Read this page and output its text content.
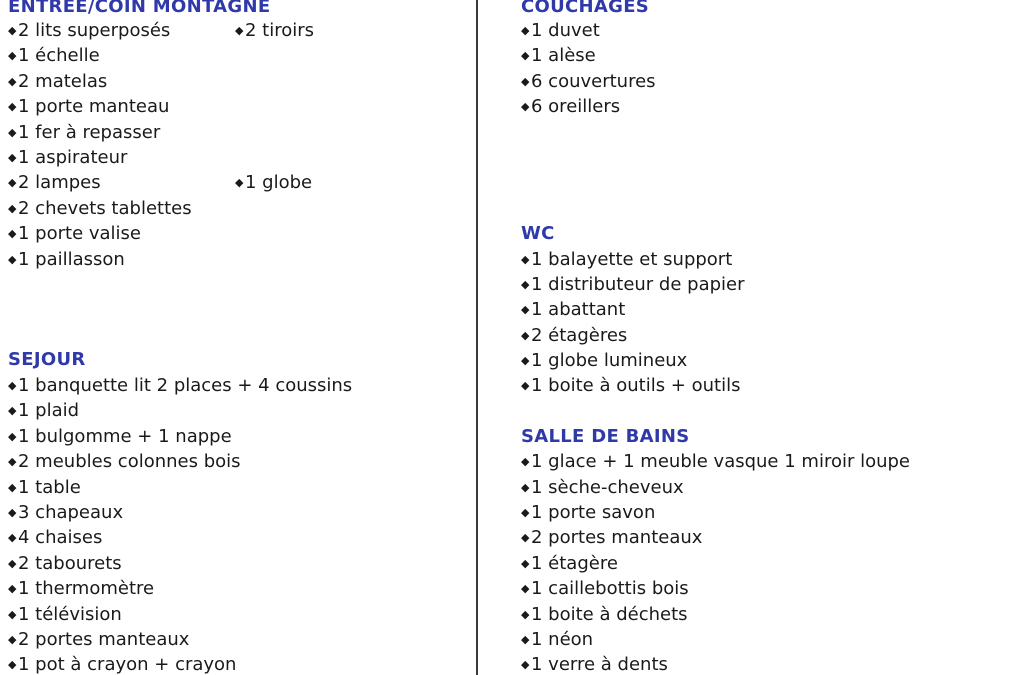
ENTREE/COIN MONTAGNE
◆2 lits superposés	◆2 tiroirs
◆1 échelle
◆2 matelas
◆1 porte manteau
◆1 fer à repasser
◆1 aspirateur
◆2 lampes	◆1 globe
◆2 chevets tablettes
◆1 porte valise
◆1 paillasson
SEJOUR
◆1 banquette lit 2 places + 4 coussins
◆1 plaid
◆1 bulgomme + 1 nappe
◆2 meubles colonnes bois
◆1 table
◆3 chapeaux
◆4 chaises
◆2 tabourets
◆1 thermomètre
◆1 télévision
◆2 portes manteaux
◆1 pot à crayon + crayon
COUCHAGES
◆1 duvet
◆1 alèse
◆6 couvertures
◆6 oreillers
WC
◆1 balayette et support
◆1 distributeur de papier
◆1 abattant
◆2 étagères
◆1 globe lumineux
◆1 boite à outils + outils
SALLE DE BAINS
◆1 glace + 1 meuble vasque 1 miroir loupe
◆1 sèche-cheveux
◆1 porte savon
◆2 portes manteaux
◆1 étagère
◆1 caillebottis bois
◆1 boite à déchets
◆1 néon
◆1 verre à dents
